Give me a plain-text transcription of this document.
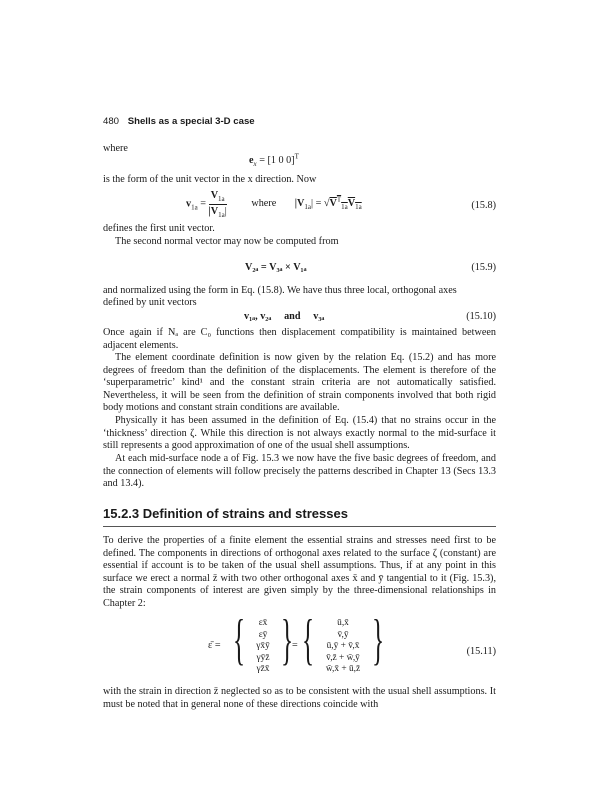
480 Shells as a special 3-D case
where
$e_x = [1$ 0 0]$^T$
is the form of the unit vector in the x direction. Now
$v_{1a} = \frac{V_{1a}}{|V_{1a}|}$ where $|V_{1a}| = √V^T_{1a}V_{1a}$	(15.8)
defines the first unit vector.
The second normal vector may now be computed from
V₂ₐ = V₃ₐ × V₁ₐ	(15.9)
and normalized using the form in Eq. (15.8). We have thus three local, orthogonal axes
defined by unit vectors
v₁ₐ, v₂ₐ     and     v₃ₐ	(15.10)
Once again if Nₐ are C₀ functions then displacement compatibility is maintained between adjacent elements.
The element coordinate definition is now given by the relation Eq. (15.2) and has more degrees of freedom than the definition of the displacements. The element is therefore of the ‘superparametric’ kind¹ and the constant strain criteria are not automatically satisfied. Nevertheless, it will be seen from the definition of strain components involved that both rigid body motions and constant strain conditions are available.
Physically it has been assumed in the definition of Eq. (15.4) that no strains occur in the ‘thickness’ direction ζ. While this direction is not always exactly normal to the mid-surface it still represents a good approximation of one of the usual shell assumptions.
At each mid-surface node a of Fig. 15.3 we now have the five basic degrees of freedom, and the connection of elements will follow precisely the patterns described in Chapter 13 (Secs 13.3 and 13.4).
15.2.3 Definition of strains and stresses
To derive the properties of a finite element the essential strains and stresses need first to be defined. The components in directions of orthogonal axes related to the surface ζ (constant) are essential if account is to be taken of the usual shell assumptions. Thus, if at any point in this surface we erect a normal z̄ with two other orthogonal axes x̄ and ȳ tangential to it (Fig. 15.3), the strain components of interest are given simply by the three-dimensional relationships in Chapter 2:
ε̄ = {	εx̄
εȳ
γx̄ȳ
γȳz̄
γz̄x̄ }
= {	ū,x̄
v̄,ȳ
ū,ȳ + v̄,x̄
v̄,z̄ + w̄,ȳ
w̄,x̄ + ū,z̄ }	(15.11)
with the strain in direction z̄ neglected so as to be consistent with the usual shell assumptions. It must be noted that in general none of these directions coincide with
